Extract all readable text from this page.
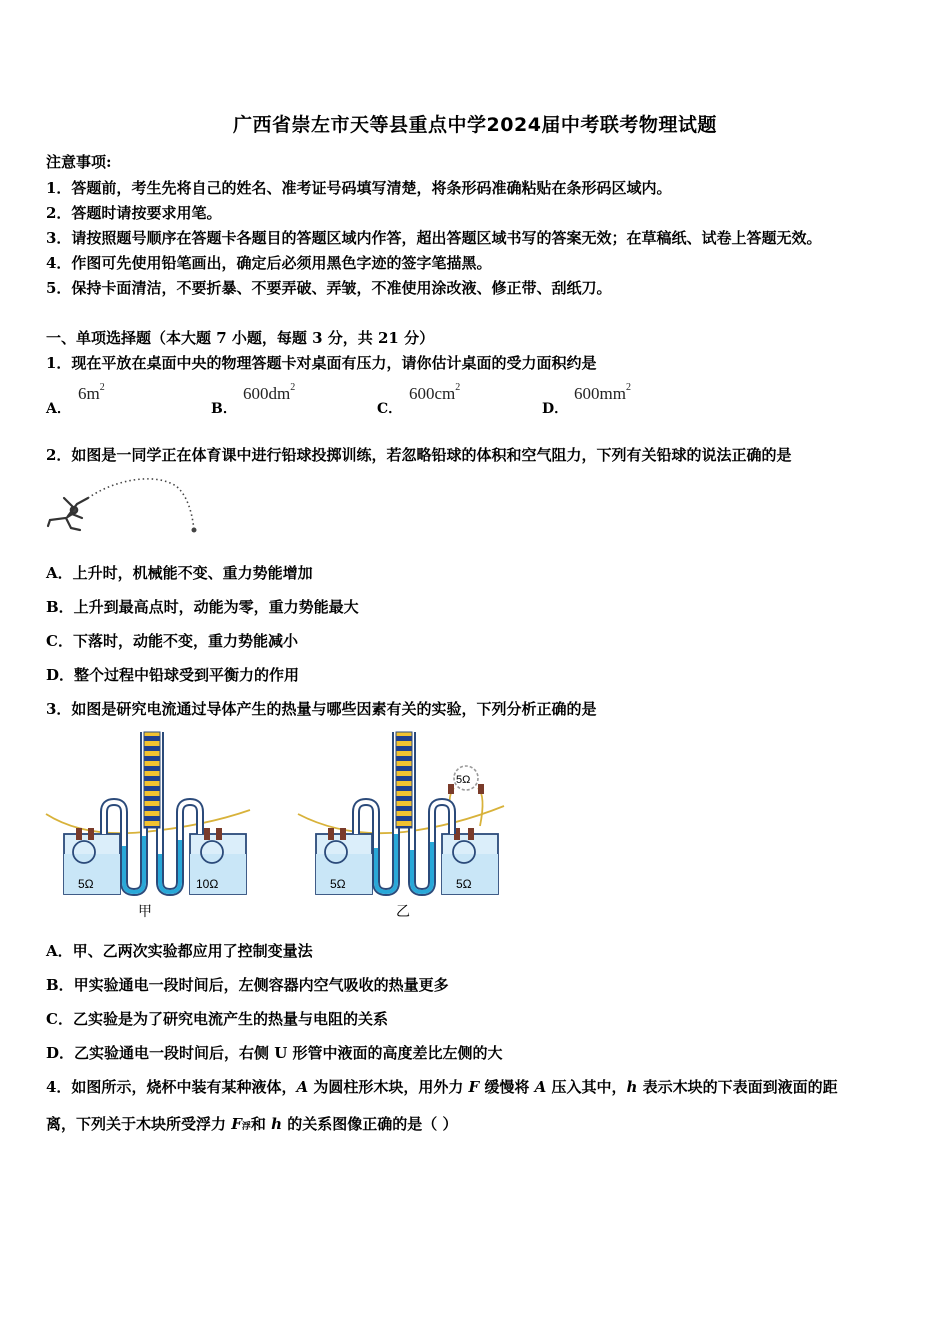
广西省崇左市天等县重点中学2024届中考联考物理试题
注意事项:
1．答题前，考生先将自己的姓名、准考证号码填写清楚，将条形码准确粘贴在条形码区域内。
2．答题时请按要求用笔。
3．请按照题号顺序在答题卡各题目的答题区域内作答，超出答题区域书写的答案无效；在草稿纸、试卷上答题无效。
4．作图可先使用铅笔画出，确定后必须用黑色字迹的签字笔描黑。
5．保持卡面清洁，不要折暴、不要弄破、弄皱，不准使用涂改液、修正带、刮纸刀。
一、单项选择题（本大题 7 小题，每题 3 分，共 21 分）
1．现在平放在桌面中央的物理答题卡对桌面有压力，请你估计桌面的受力面积约是
A．
$6m^2$
B．
$600dm^2$
C．
$600cm^2$
D．
$600mm^2$
2．如图是一同学正在体育课中进行铅球投掷训练，若忽略铅球的体积和空气阻力，下列有关铅球的说法正确的是
A．上升时，机械能不变、重力势能增加
B．上升到最高点时，动能为零，重力势能最大
C．下落时，动能不变，重力势能减小
D．整个过程中铅球受到平衡力的作用
3．如图是研究电流通过导体产生的热量与哪些因素有关的实验，下列分析正确的是
5Ω	10Ω
甲
5Ω
5Ω	5Ω
乙
A．甲、乙两次实验都应用了控制变量法
B．甲实验通电一段时间后，左侧容器内空气吸收的热量更多
C．乙实验是为了研究电流产生的热量与电阻的关系
D．乙实验通电一段时间后，右侧 U 形管中液面的高度差比左侧的大
4．如图所示，烧杯中装有某种液体，A 为圆柱形木块，用外力 F 缓慢将 A 压入其中，h 表示木块的下表面到液面的距
离，下列关于木块所受浮力 F浮和 h 的关系图像正确的是（ ）
